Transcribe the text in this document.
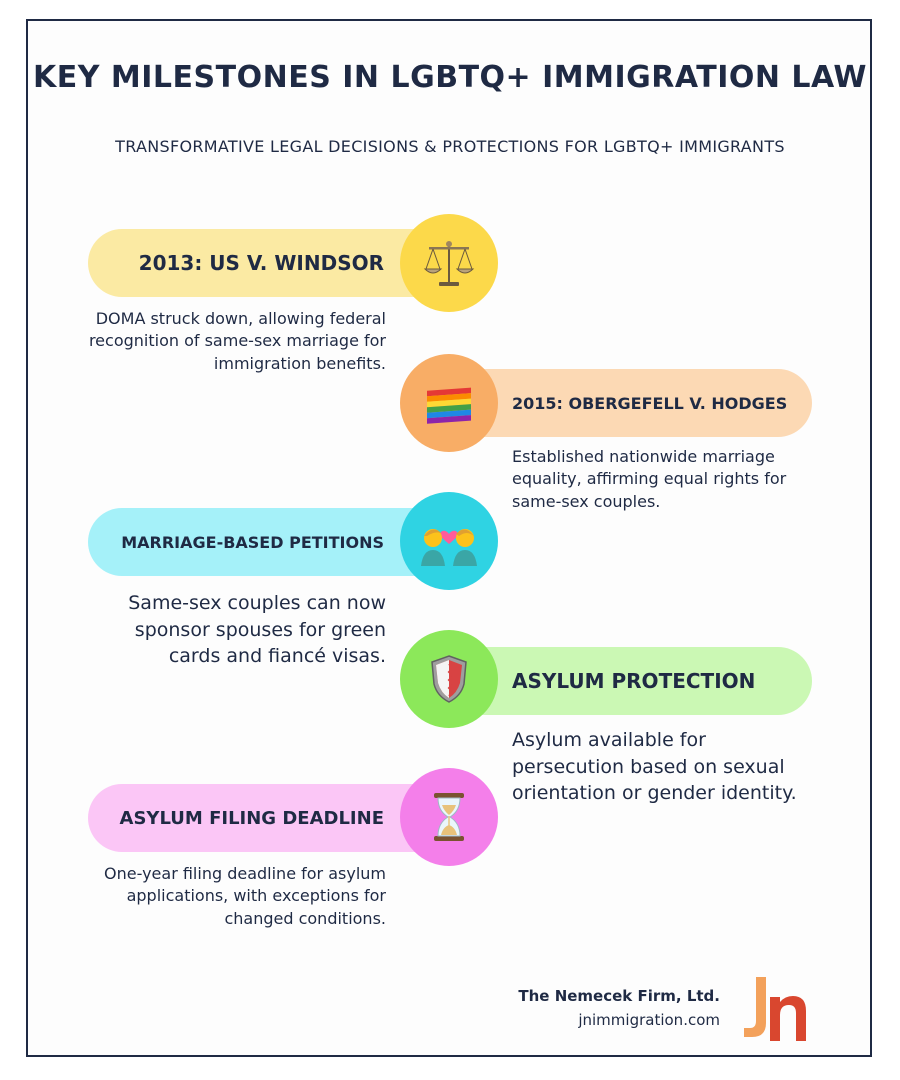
KEY MILESTONES IN LGBTQ+ IMMIGRATION LAW
TRANSFORMATIVE LEGAL DECISIONS & PROTECTIONS FOR LGBTQ+ IMMIGRANTS
2013: US V. WINDSOR
DOMA struck down, allowing federal recognition of same-sex marriage for immigration benefits.
2015: OBERGEFELL V. HODGES
Established nationwide marriage equality, affirming equal rights for same-sex couples.
MARRIAGE-BASED PETITIONS
Same-sex couples can now sponsor spouses for green cards and fiancé visas.
ASYLUM PROTECTION
Asylum available for persecution based on sexual orientation or gender identity.
ASYLUM FILING DEADLINE
One-year filing deadline for asylum applications, with exceptions for changed conditions.
The Nemecek Firm, Ltd.
jnimmigration.com
